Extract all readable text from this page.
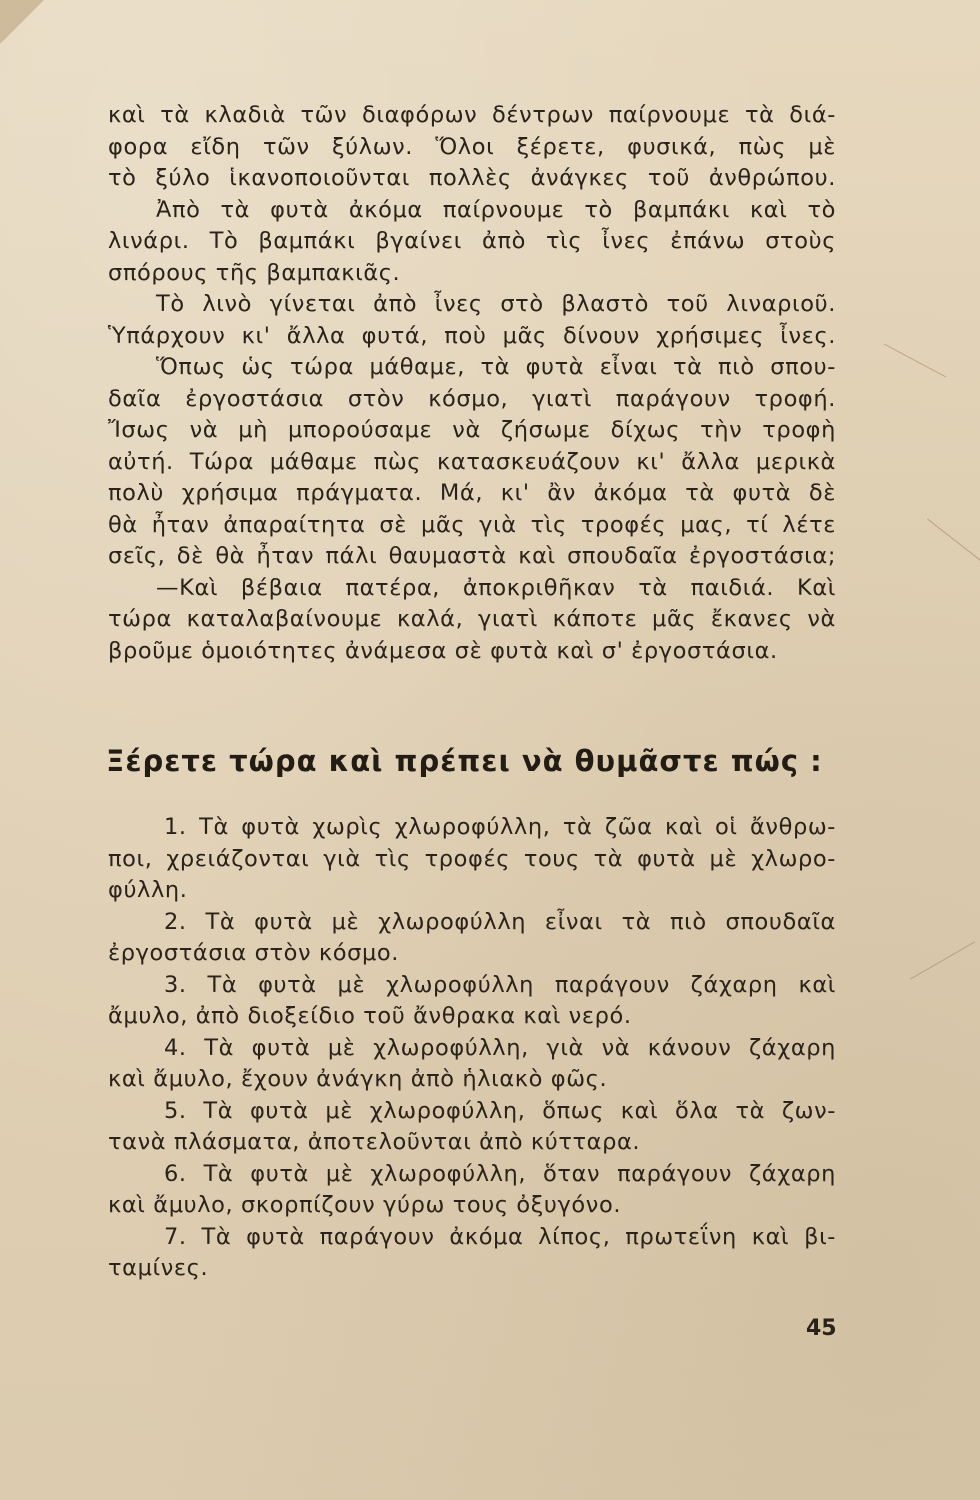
καὶ τὰ κλαδιὰ τῶν διαφόρων δέντρων παίρνουμε τὰ διά-
φορα εἴδη τῶν ξύλων. Ὅλοι ξέρετε, φυσικά, πὼς μὲ
τὸ ξύλο ἱκανοποιοῦνται πολλὲς ἀνάγκες τοῦ ἀνθρώπου.
Ἀπὸ τὰ φυτὰ ἀκόμα παίρνουμε τὸ βαμπάκι καὶ τὸ
λινάρι. Τὸ βαμπάκι βγαίνει ἀπὸ τὶς ἶνες ἐπάνω στοὺς
σπόρους τῆς βαμπακιᾶς.
Τὸ λινὸ γίνεται ἀπὸ ἶνες στὸ βλαστὸ τοῦ λιναριοῦ.
Ὑπάρχουν κι' ἄλλα φυτά, ποὺ μᾶς δίνουν χρήσιμες ἶνες.
Ὅπως ὡς τώρα μάθαμε, τὰ φυτὰ εἶναι τὰ πιὸ σπου-
δαῖα ἐργοστάσια στὸν κόσμο, γιατὶ παράγουν τροφή.
Ἴσως νὰ μὴ μπορούσαμε νὰ ζήσωμε δίχως τὴν τροφὴ
αὐτή. Τώρα μάθαμε πὼς κατασκευάζουν κι' ἄλλα μερικὰ
πολὺ χρήσιμα πράγματα. Μά, κι' ἂν ἀκόμα τὰ φυτὰ δὲ
θὰ ἦταν ἀπαραίτητα σὲ μᾶς γιὰ τὶς τροφές μας, τί λέτε
σεῖς, δὲ θὰ ἦταν πάλι θαυμαστὰ καὶ σπουδαῖα ἐργοστάσια;
—Καὶ βέβαια πατέρα, ἀποκριθῆκαν τὰ παιδιά. Καὶ
τώρα καταλαβαίνουμε καλά, γιατὶ κάποτε μᾶς ἔκανες νὰ
βροῦμε ὁμοιότητες ἀνάμεσα σὲ φυτὰ καὶ σ' ἐργοστάσια.
Ξέρετε τώρα καὶ πρέπει νὰ θυμᾶστε πώς :
1. Τὰ φυτὰ χωρὶς χλωροφύλλη, τὰ ζῶα καὶ οἱ ἄνθρω-
ποι, χρειάζονται γιὰ τὶς τροφές τους τὰ φυτὰ μὲ χλωρο-
φύλλη.
2. Τὰ φυτὰ μὲ χλωροφύλλη εἶναι τὰ πιὸ σπουδαῖα
ἐργοστάσια στὸν κόσμο.
3. Τὰ φυτὰ μὲ χλωροφύλλη παράγουν ζάχαρη καὶ
ἄμυλο, ἀπὸ διοξείδιο τοῦ ἄνθρακα καὶ νερό.
4. Τὰ φυτὰ μὲ χλωροφύλλη, γιὰ νὰ κάνουν ζάχαρη
καὶ ἄμυλο, ἔχουν ἀνάγκη ἀπὸ ἡλιακὸ φῶς.
5. Τὰ φυτὰ μὲ χλωροφύλλη, ὅπως καὶ ὅλα τὰ ζων-
τανὰ πλάσματα, ἀποτελοῦνται ἀπὸ κύτταρα.
6. Τὰ φυτὰ μὲ χλωροφύλλη, ὅταν παράγουν ζάχαρη
καὶ ἄμυλο, σκορπίζουν γύρω τους ὀξυγόνο.
7. Τὰ φυτὰ παράγουν ἀκόμα λίπος, πρωτεΐνη καὶ βι-
ταμίνες.
45
